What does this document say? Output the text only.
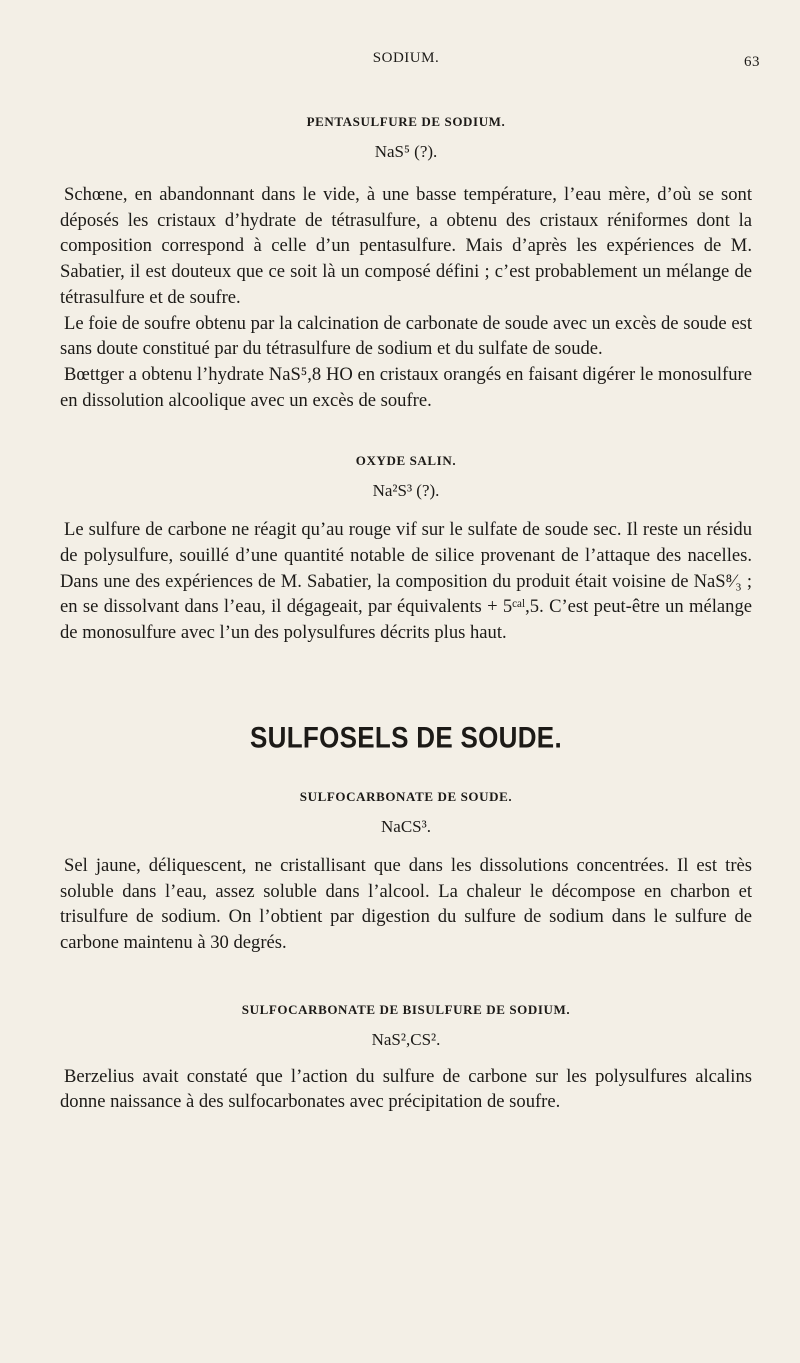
SODIUM.	63
PENTASULFURE DE SODIUM.

NaS⁵ (?).

Schœne, en abandonnant dans le vide, à une basse température, l’eau mère, d’où se sont déposés les cristaux d’hydrate de tétrasulfure, a obtenu des cristaux réniformes dont la composition correspond à celle d’un pentasulfure. Mais d’après les expériences de M. Sabatier, il est douteux que ce soit là un composé défini ; c’est probablement un mélange de tétrasulfure et de soufre.

Le foie de soufre obtenu par la calcination de carbonate de soude avec un excès de soude est sans doute constitué par du tétrasulfure de sodium et du sulfate de soude.

Bœttger a obtenu l’hydrate NaS⁵,8 HO en cristaux orangés en faisant digérer le monosulfure en dissolution alcoolique avec un excès de soufre.

OXYDE SALIN.

Na²S³ (?).

Le sulfure de carbone ne réagit qu’au rouge vif sur le sulfate de soude sec. Il reste un résidu de polysulfure, souillé d’une quantité notable de silice provenant de l’attaque des nacelles. Dans une des expériences de M. Sabatier, la composition du produit était voisine de NaS⁸⁄₃ ; en se dissolvant dans l’eau, il dégageait, par équivalents + 5ᶜᵃˡ,5. C’est peut-être un mélange de monosulfure avec l’un des polysulfures décrits plus haut.

SULFOSELS DE SOUDE.
SULFOCARBONATE DE SOUDE.

NaCS³.

Sel jaune, déliquescent, ne cristallisant que dans les dissolutions concentrées. Il est très soluble dans l’eau, assez soluble dans l’alcool. La chaleur le décompose en charbon et trisulfure de sodium. On l’obtient par digestion du sulfure de sodium dans le sulfure de carbone maintenu à 30 degrés.

SULFOCARBONATE DE BISULFURE DE SODIUM.

NaS²,CS².

Berzelius avait constaté que l’action du sulfure de carbone sur les polysulfures alcalins donne naissance à des sulfocarbonates avec précipitation de soufre.
